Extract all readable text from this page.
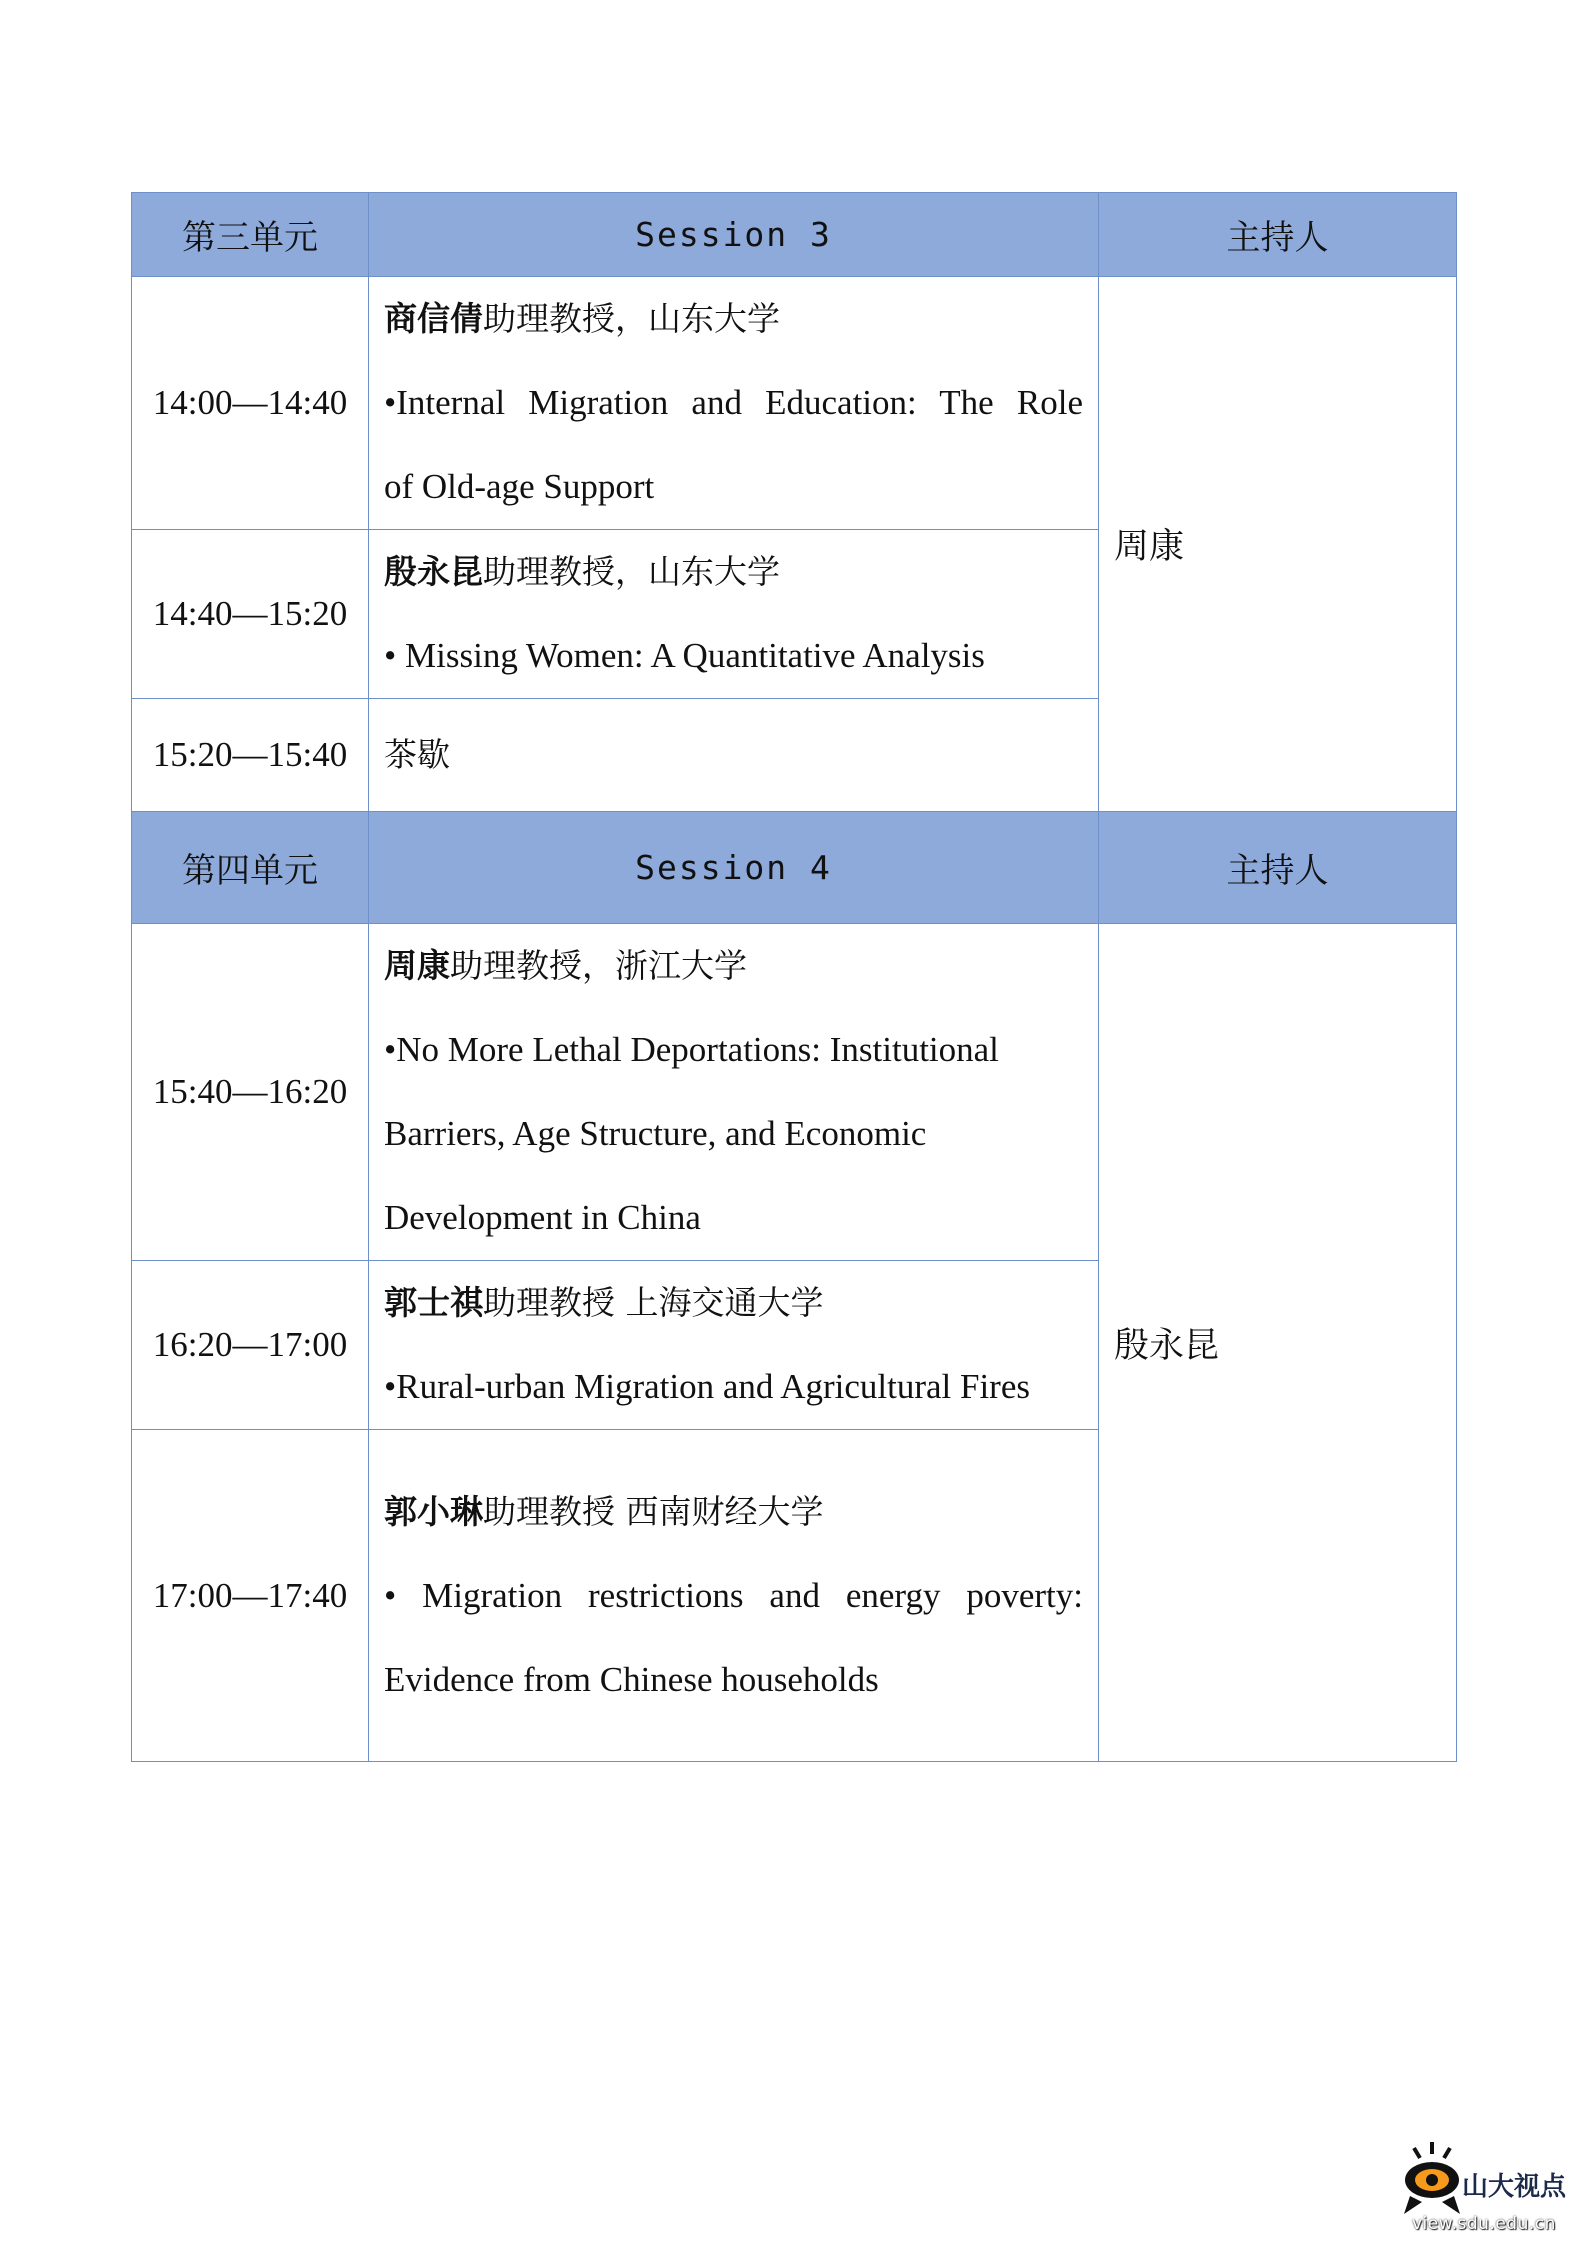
第三单元	Session 3	主持人
14:00—14:40	商信倩助理教授，山东大学
•Internal Migration and Education: The Role
of Old-age Support	周康
14:40—15:20	殷永昆助理教授，山东大学
• Missing Women: A Quantitative Analysis	

15:20—15:40	茶歇	

第四单元	Session 4	主持人
15:40—16:20	周康助理教授，浙江大学
•No More Lethal Deportations: Institutional
Barriers, Age Structure, and Economic
Development in China	殷永昆
16:20—17:00	郭士祺助理教授 上海交通大学
•Rural-urban Migration and Agricultural Fires	

17:00—17:40	郭小琳助理教授 西南财经大学
• Migration restrictions and energy poverty:
Evidence from Chinese households	
山大视点
view.sdu.edu.cn
